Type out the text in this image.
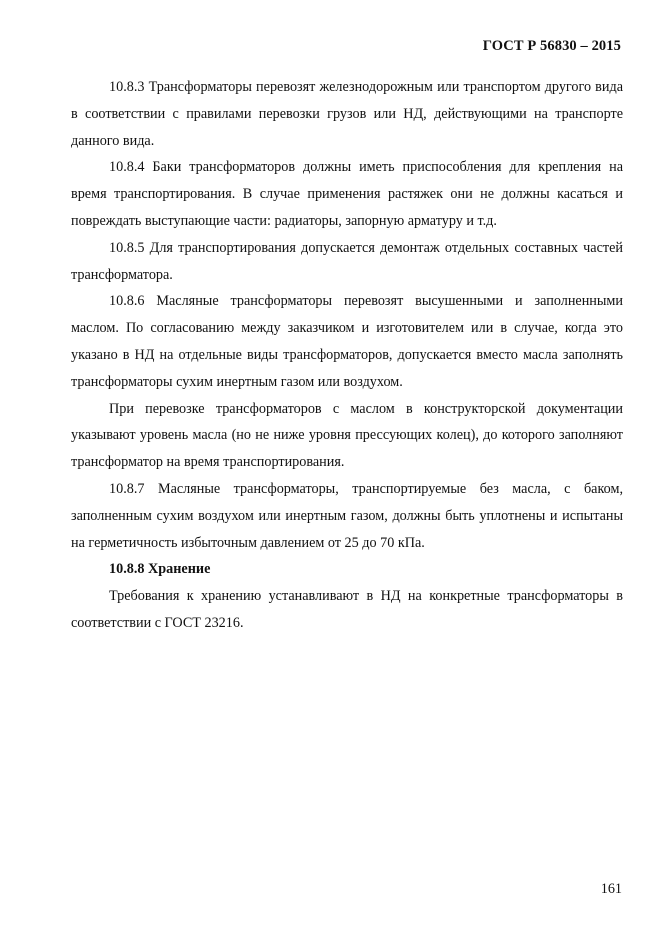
ГОСТ Р 56830 – 2015

10.8.3 Трансформаторы перевозят железнодорожным или транспортом другого вида в соответствии с правилами перевозки грузов или НД, действующими на транспорте данного вида.

10.8.4 Баки трансформаторов должны иметь приспособления для крепления на время транспортирования. В случае применения растяжек они не должны касаться и повреждать выступающие части: радиаторы, запорную арматуру и т.д.

10.8.5 Для транспортирования допускается демонтаж отдельных составных частей трансформатора.

10.8.6 Масляные трансформаторы перевозят высушенными и заполненными маслом. По согласованию между заказчиком и изготовителем или в случае, когда это указано в НД на отдельные виды трансформаторов, допускается вместо масла заполнять трансформаторы сухим инертным газом или воздухом.

При перевозке трансформаторов с маслом в конструкторской документации указывают уровень масла (но не ниже уровня прессующих колец), до которого заполняют трансформатор на время транспортирования.

10.8.7 Масляные трансформаторы, транспортируемые без масла, с баком, заполненным сухим воздухом или инертным газом, должны быть уплотнены и испытаны на герметичность избыточным давлением от 25 до 70 кПа.

10.8.8 Хранение

Требования к хранению устанавливают в НД на конкретные трансформаторы в соответствии с ГОСТ 23216.

161
